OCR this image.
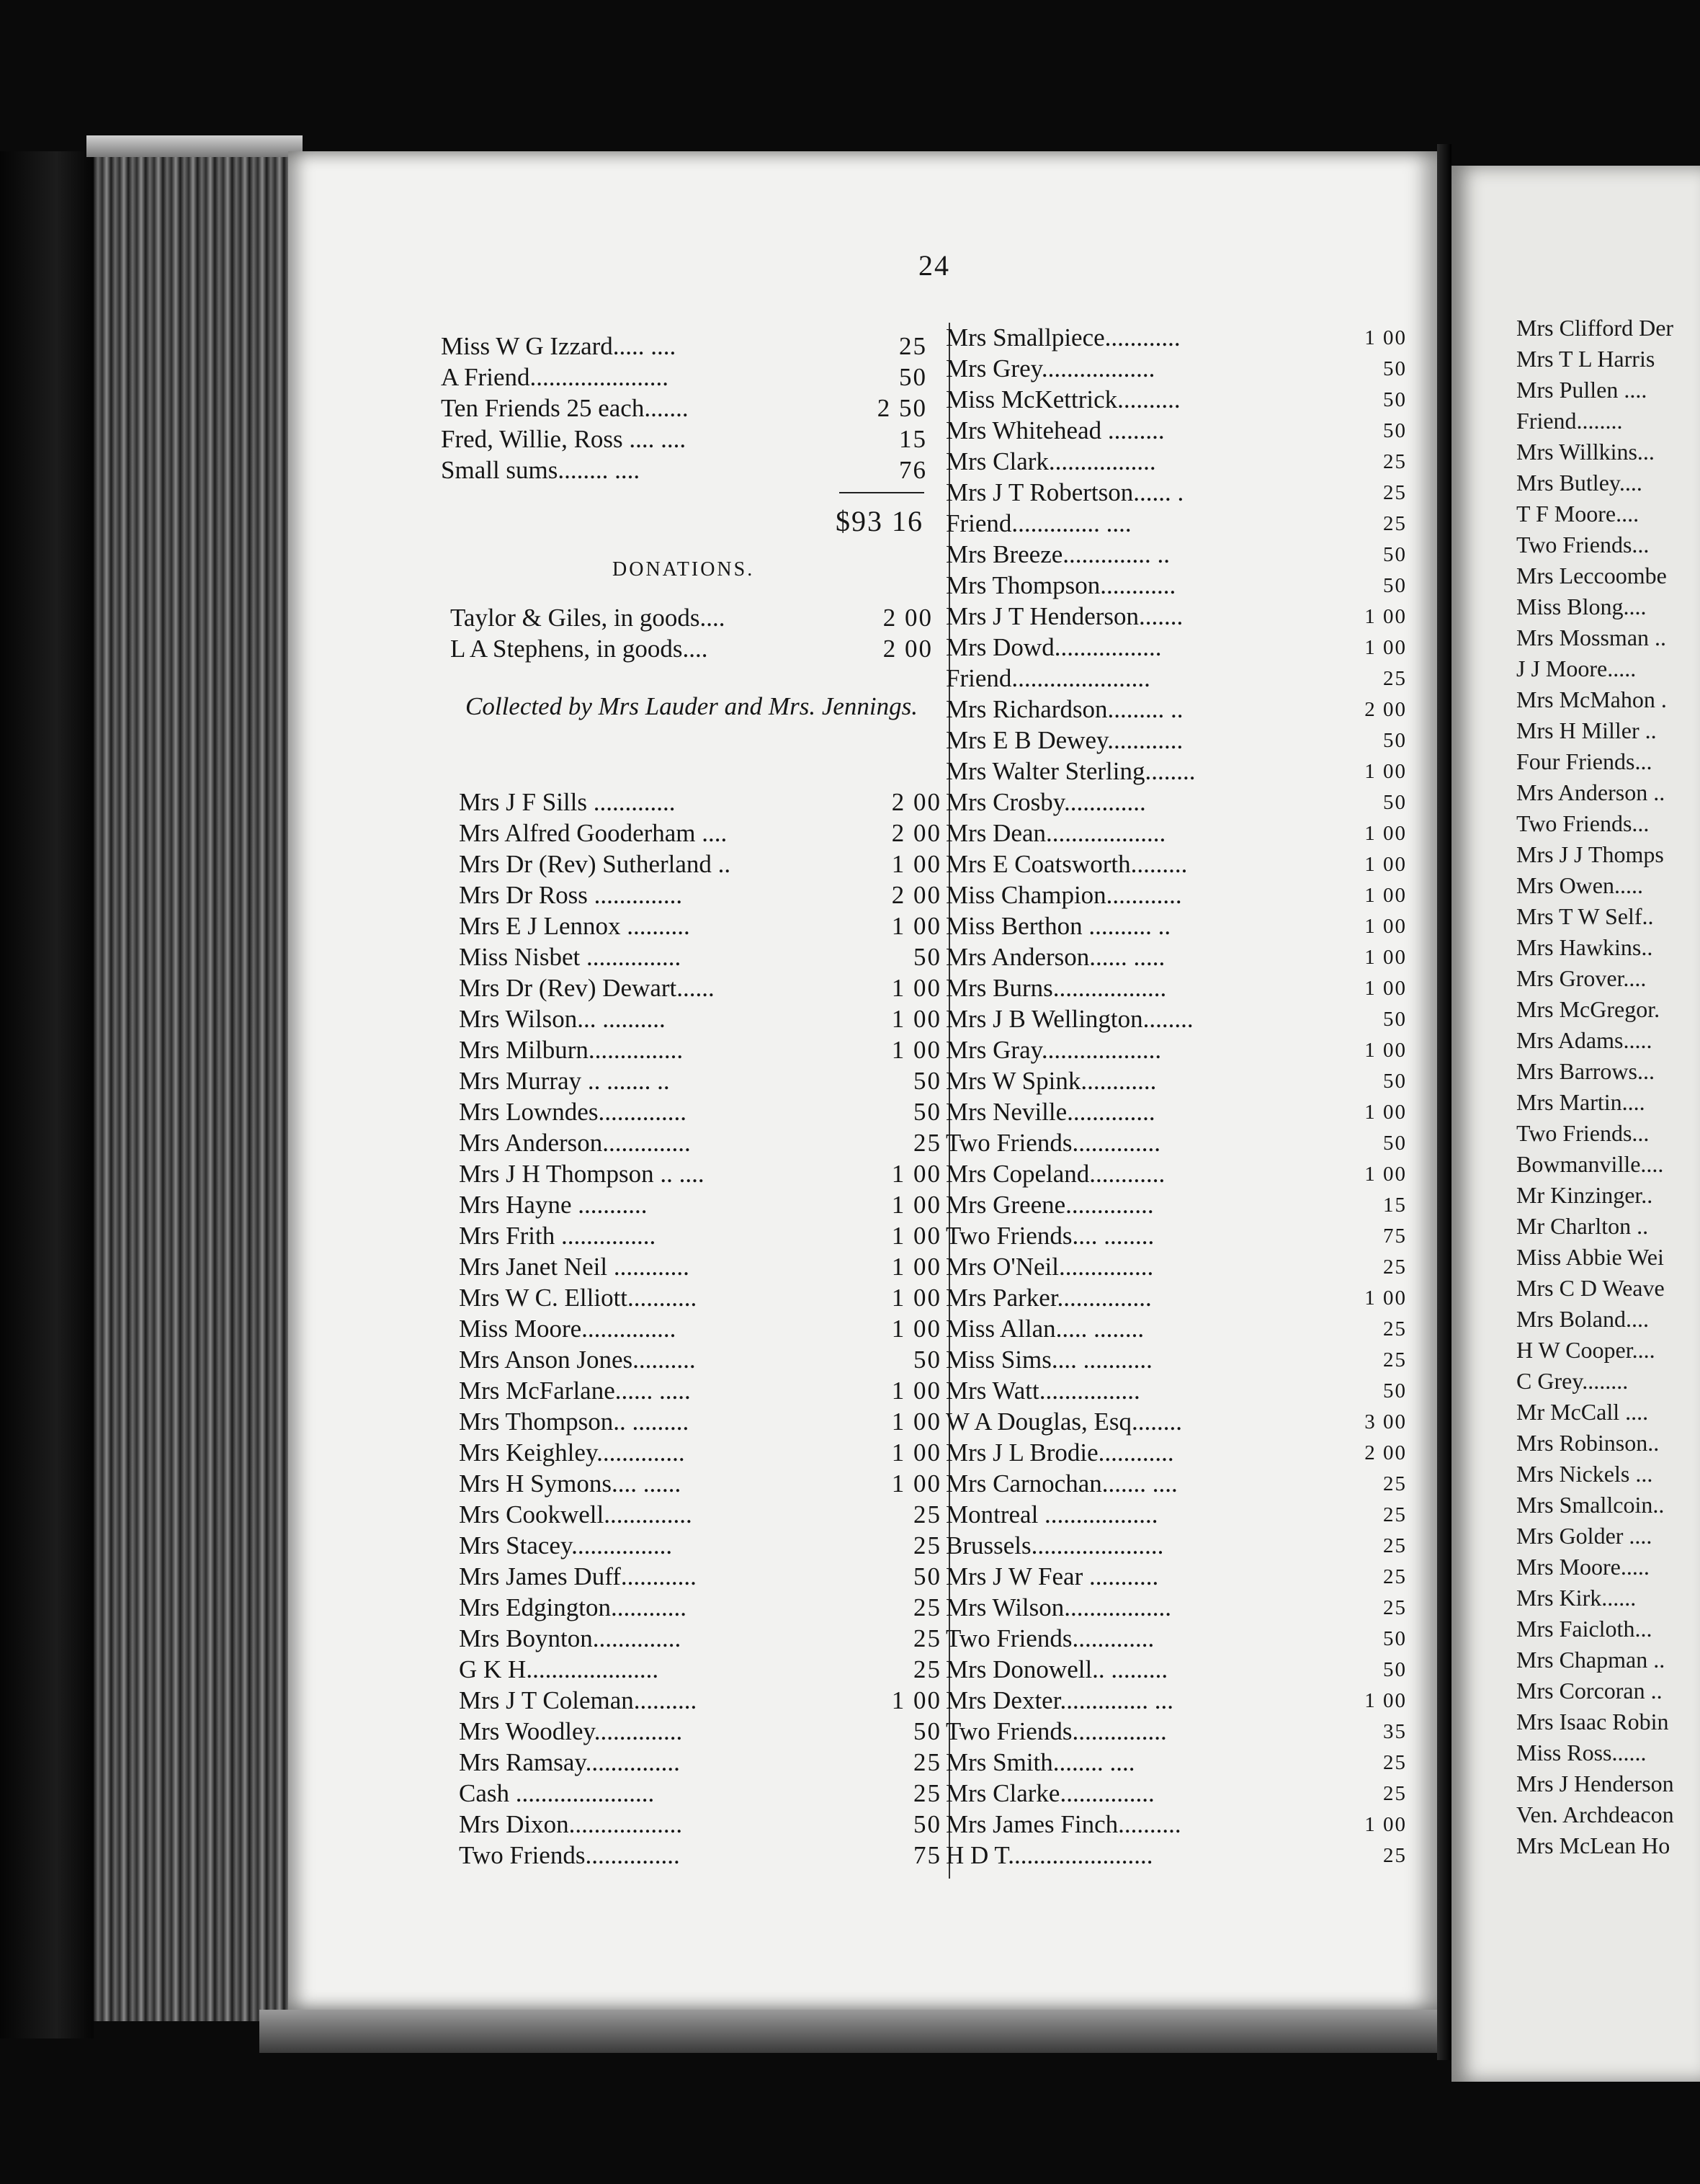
24
$93 16
DONATIONS.
Collected by Mrs Lauder and Mrs. Jennings.
Miss W G Izzard..... ....	25
A Friend......................	50
Ten Friends 25 each.......	2 50
Fred, Willie, Ross .... ....	15
Small sums........ ....	76
Taylor & Giles, in goods....	2 00
L A Stephens, in goods....	2 00
Mrs J F Sills .............	2 00
Mrs Alfred Gooderham ....	2 00
Mrs Dr (Rev) Sutherland ..	1 00
Mrs Dr Ross ..............	2 00
Mrs E J Lennox ..........	1 00
Miss Nisbet ...............	50
Mrs Dr (Rev) Dewart......	1 00
Mrs Wilson... ..........	1 00
Mrs Milburn...............	1 00
Mrs Murray .. ....... ..	50
Mrs Lowndes..............	50
Mrs Anderson..............	25
Mrs J H Thompson .. ....	1 00
Mrs Hayne ...........	1 00
Mrs Frith ...............	1 00
Mrs Janet Neil ............	1 00
Mrs W C. Elliott...........	1 00
Miss Moore...............	1 00
Mrs Anson Jones..........	50
Mrs McFarlane...... .....	1 00
Mrs Thompson.. .........	1 00
Mrs Keighley..............	1 00
Mrs H Symons.... ......	1 00
Mrs Cookwell..............	25
Mrs Stacey................	25
Mrs James Duff............	50
Mrs Edgington............	25
Mrs Boynton..............	25
G K H.....................	25
Mrs J T Coleman..........	1 00
Mrs Woodley..............	50
Mrs Ramsay...............	25
Cash ......................	25
Mrs Dixon..................	50
Two Friends...............	75
Mrs Smallpiece............	1 00
Mrs Grey..................	50
Miss McKettrick..........	50
Mrs Whitehead .........	50
Mrs Clark.................	25
Mrs J T Robertson...... .	25
Friend.............. ....	25
Mrs Breeze.............. ..	50
Mrs Thompson............	50
Mrs J T Henderson.......	1 00
Mrs Dowd.................	1 00
Friend......................	25
Mrs Richardson......... ..	2 00
Mrs E B Dewey............	50
Mrs Walter Sterling........	1 00
Mrs Crosby.............	50
Mrs Dean...................	1 00
Mrs E Coatsworth.........	1 00
Miss Champion............	1 00
Miss Berthon .......... ..	1 00
Mrs Anderson...... .....	1 00
Mrs Burns..................	1 00
Mrs J B Wellington........	50
Mrs Gray...................	1 00
Mrs W Spink............	50
Mrs Neville..............	1 00
Two Friends..............	50
Mrs Copeland............	1 00
Mrs Greene..............	15
Two Friends.... ........	75
Mrs O'Neil...............	25
Mrs Parker...............	1 00
Miss Allan..... ........	25
Miss Sims.... ...........	25
Mrs Watt................	50
W A Douglas, Esq........	3 00
Mrs J L Brodie............	2 00
Mrs Carnochan....... ....	25
Montreal ..................	25
Brussels.....................	25
Mrs J W Fear ...........	25
Mrs Wilson.................	25
Two Friends.............	50
Mrs Donowell.. .........	50
Mrs Dexter.............. ...	1 00
Two Friends...............	35
Mrs Smith........ ....	25
Mrs Clarke...............	25
Mrs James Finch..........	1 00
H D T.......................	25
Mrs Clifford Der
Mrs T L Harris
Mrs Pullen ....
Friend........
Mrs Willkins...
Mrs Butley....
T F Moore....
Two Friends...
Mrs Leccoombe
Miss Blong....
Mrs Mossman ..
J J Moore.....
Mrs McMahon .
Mrs H Miller ..
Four Friends...
Mrs Anderson ..
Two Friends...
Mrs J J Thomps
Mrs Owen.....
Mrs T W Self..
Mrs Hawkins..
Mrs Grover....
Mrs McGregor.
Mrs Adams.....
Mrs Barrows...
Mrs Martin....
Two Friends...
Bowmanville....
Mr Kinzinger..
Mr Charlton ..
Miss Abbie Wei
Mrs C D Weave
Mrs Boland....
H W Cooper....
C Grey........
Mr McCall ....
Mrs Robinson..
Mrs Nickels ...
Mrs Smallcoin..
Mrs Golder ....
Mrs Moore.....
Mrs Kirk......
Mrs Faicloth...
Mrs Chapman ..
Mrs Corcoran ..
Mrs Isaac Robin
Miss Ross......
Mrs J Henderson
Ven. Archdeacon
Mrs McLean Ho
